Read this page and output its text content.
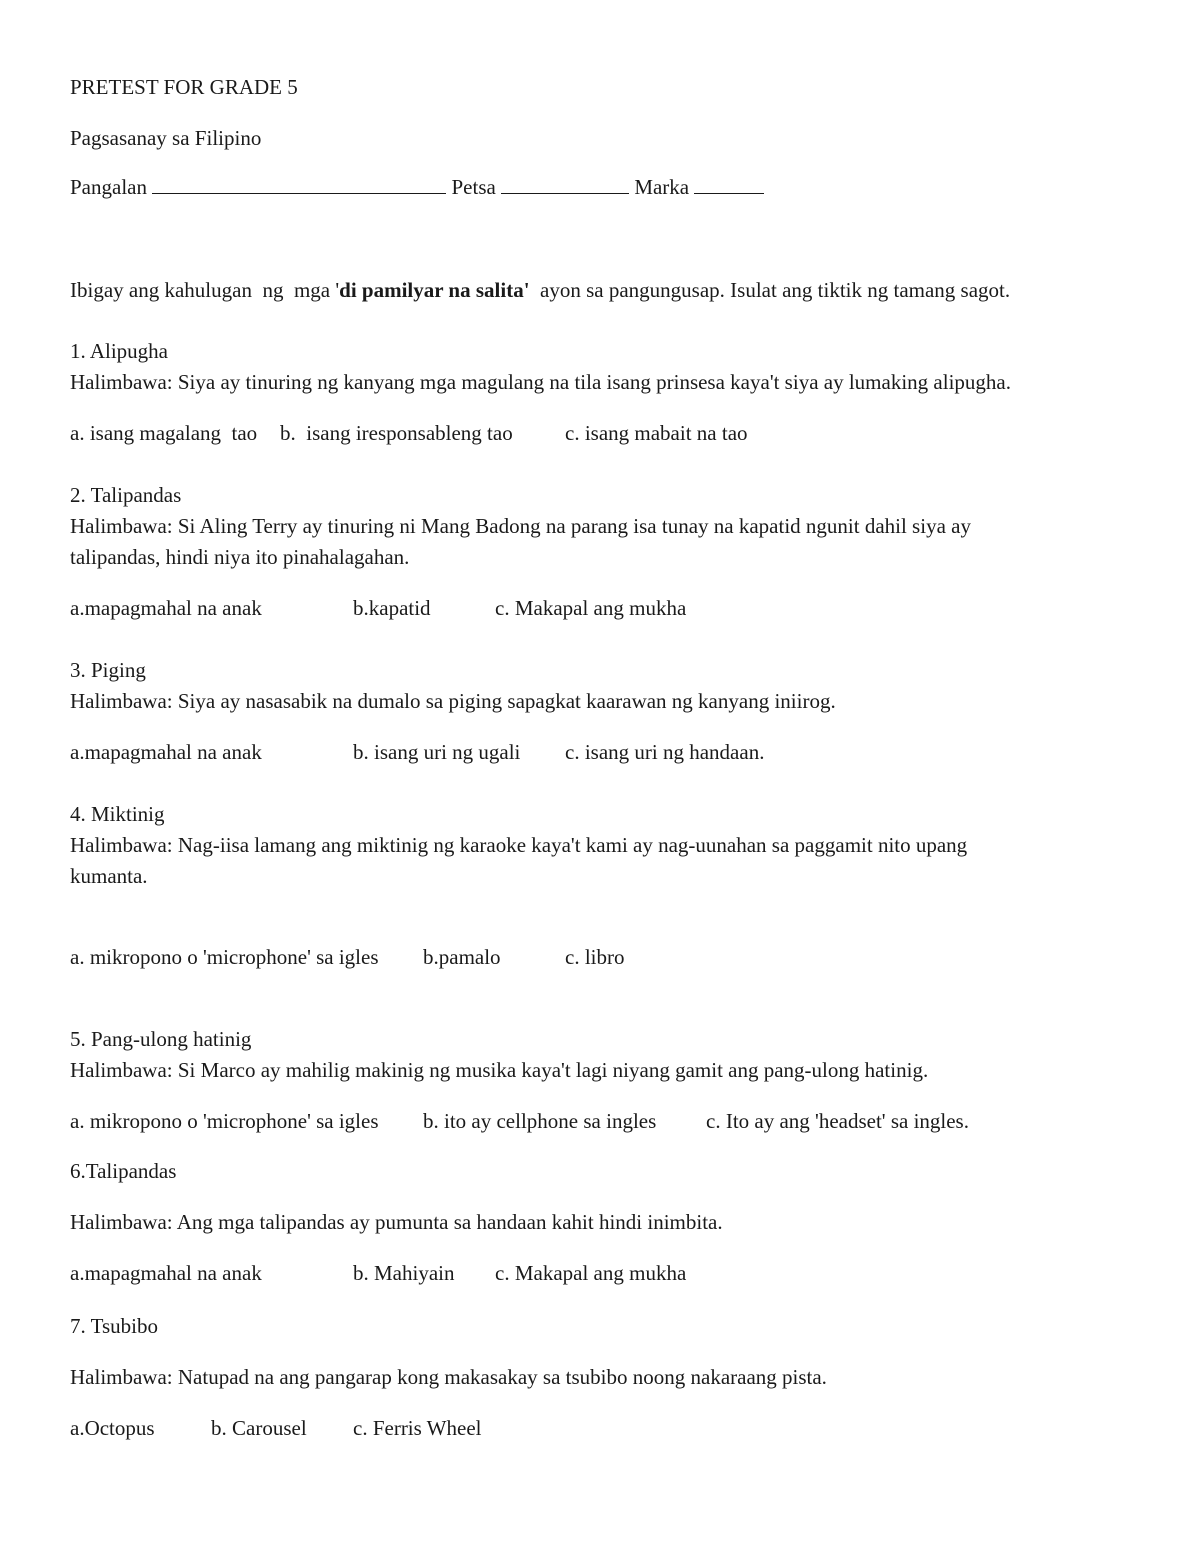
PRETEST FOR GRADE 5
Pagsasanay sa Filipino
Pangalan	Petsa	Marka
Ibigay ang kahulugan  ng  mga 'di pamilyar na salita'  ayon sa pangungusap. Isulat ang tiktik ng tamang sagot.
1. Alipugha
Halimbawa: Siya ay tinuring ng kanyang mga magulang na tila isang prinsesa kaya't siya ay lumaking alipugha.

a. isang magalang  tao

b.  isang iresponsableng tao

c. isang mabait na tao

2. Talipandas
Halimbawa: Si Aling Terry ay tinuring ni Mang Badong na parang isa tunay na kapatid ngunit dahil siya ay
talipandas, hindi niya ito pinahalagahan.

a.mapagmahal na anak

	b.kapatid

	c. Makapal ang mukha

3. Piging
Halimbawa: Siya ay nasasabik na dumalo sa piging sapagkat kaarawan ng kanyang iniirog.

a.mapagmahal na anak

	b. isang uri ng ugali

c. isang uri ng handaan.

4. Miktinig
Halimbawa: Nag-iisa lamang ang miktinig ng karaoke kaya't kami ay nag-uunahan sa paggamit nito upang
kumanta.

a. mikropono o 'microphone' sa igles

b.pamalo

	c. libro

5. Pang-ulong hatinig
Halimbawa: Si Marco ay mahilig makinig ng musika kaya't lagi niyang gamit ang pang-ulong hatinig.

a. mikropono o 'microphone' sa igles

b. ito ay cellphone sa ingles

c. Ito ay ang 'headset' sa ingles.

6.Talipandas
Halimbawa: Ang mga talipandas ay pumunta sa handaan kahit hindi inimbita.

a.mapagmahal na anak

	b. Mahiyain

c. Makapal ang mukha

7. Tsubibo
Halimbawa: Natupad na ang pangarap kong makasakay sa tsubibo noong nakaraang pista.

a.Octopus

	b. Carousel

c. Ferris Wheel
